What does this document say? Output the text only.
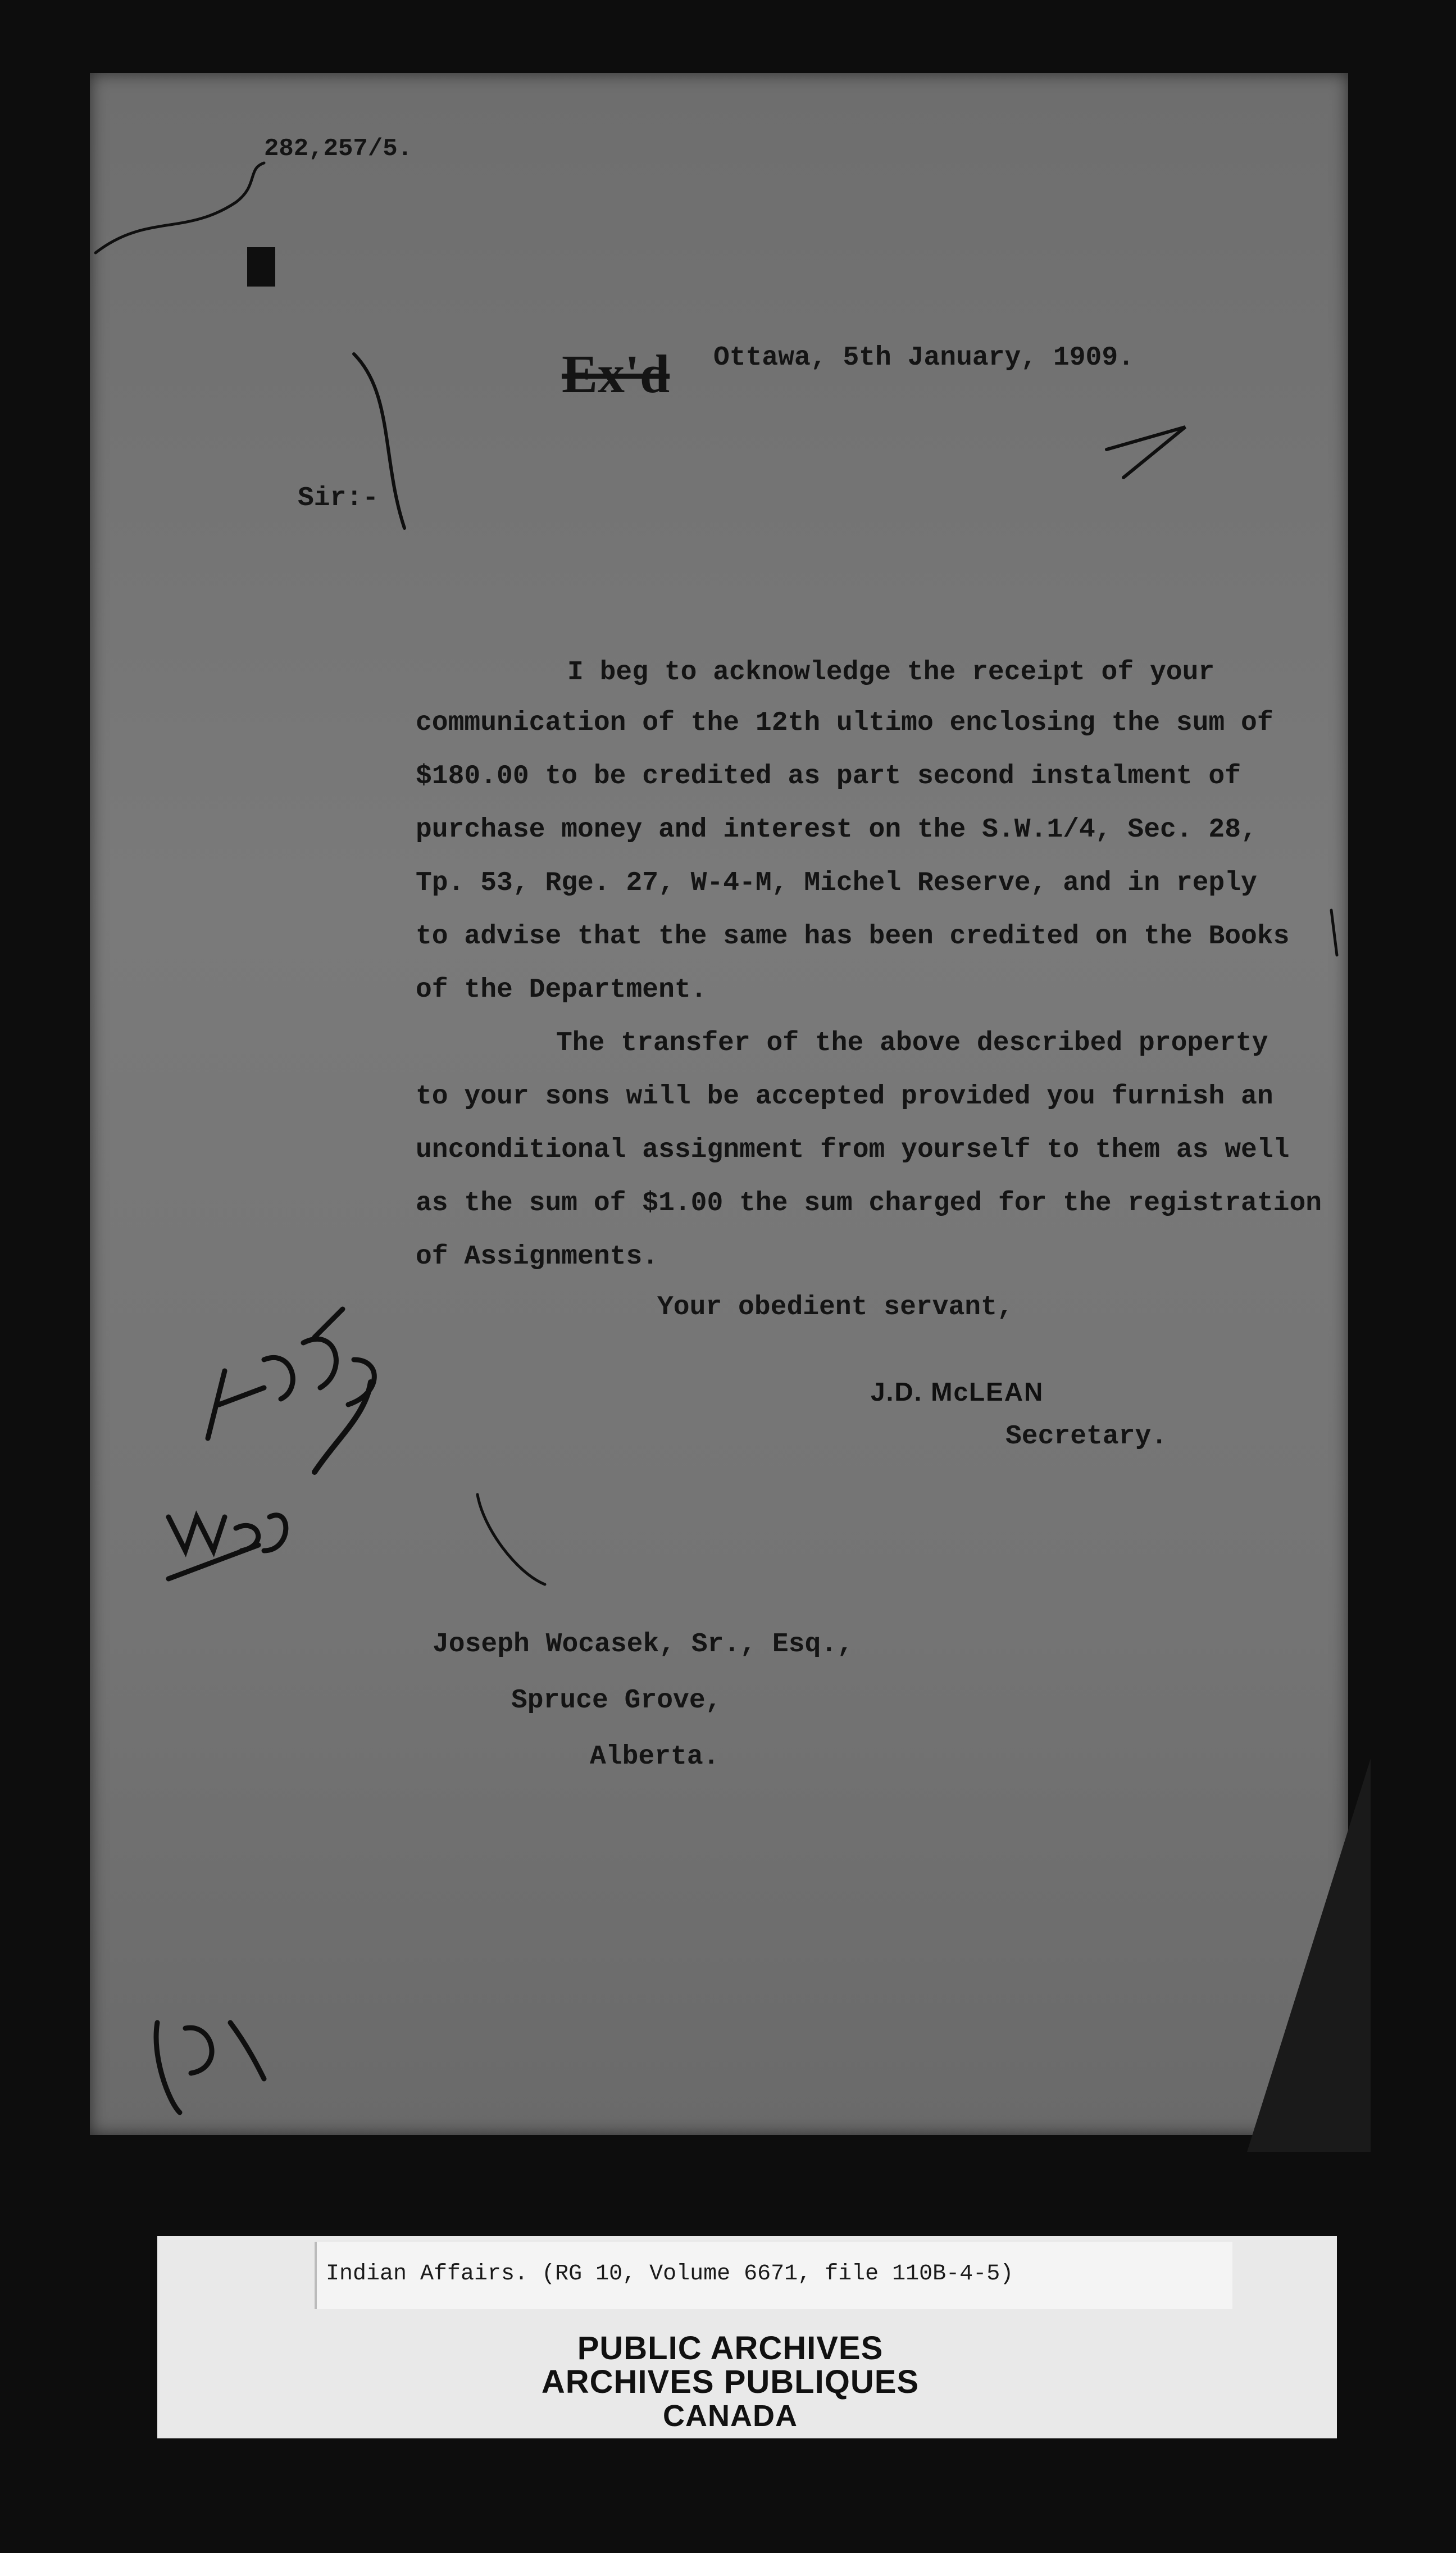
282,257/5.
Ex'd Ottawa, 5th January, 1909.
Sir:-
I beg to acknowledge the receipt of your
communication of the 12th ultimo enclosing the sum of
$180.00 to be credited as part second instalment of
purchase money and interest on the S.W.1/4, Sec. 28,
Tp. 53, Rge. 27, W-4-M, Michel Reserve, and in reply
to advise that the same has been credited on the Books
of the Department.
The transfer of the above described property
to your sons will be accepted provided you furnish an
unconditional assignment from yourself to them as well
as the sum of $1.00 the sum charged for the registration
of Assignments.
Your obedient servant,
J.D. McLEAN
Secretary.
Joseph Wocasek, Sr., Esq.,
Spruce Grove,
Alberta.
Indian Affairs. (RG 10, Volume 6671, file 110B-4-5)
PUBLIC ARCHIVES
ARCHIVES PUBLIQUES
CANADA
